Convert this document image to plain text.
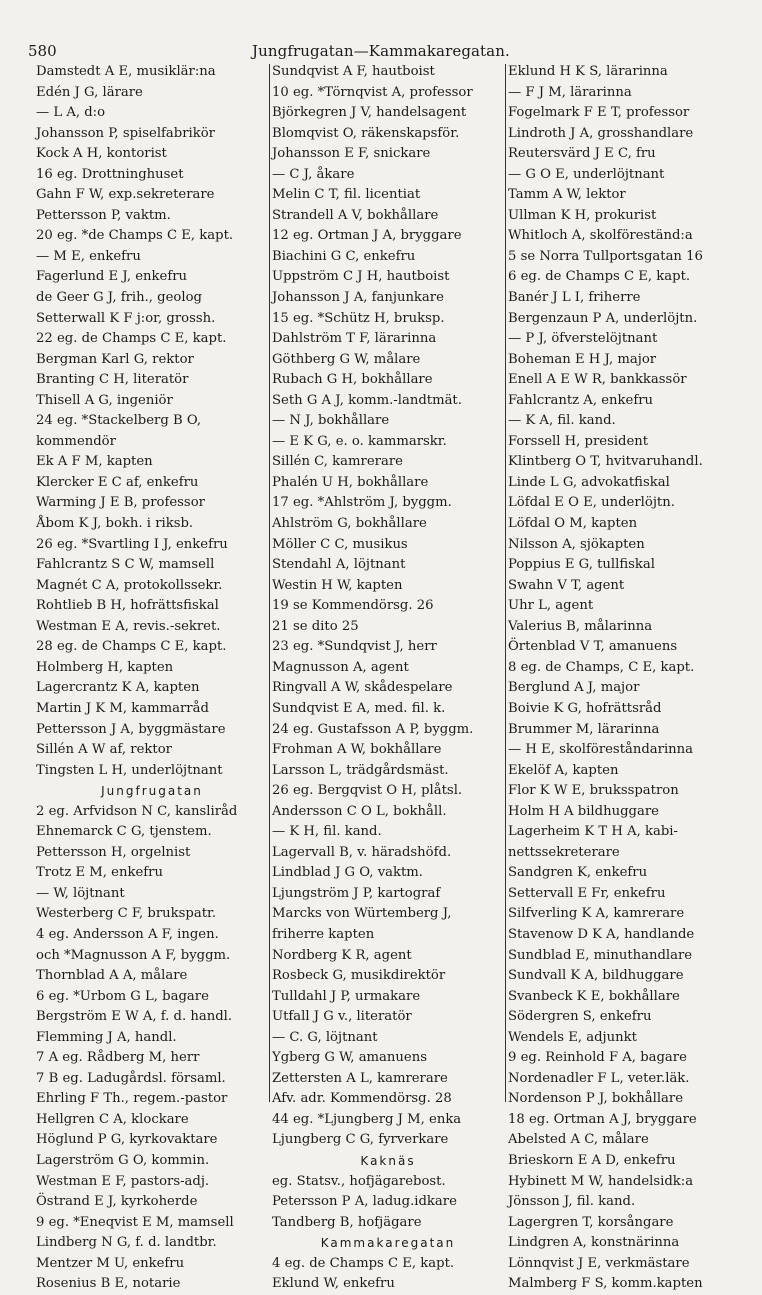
580	Jungfrugatan—Kammakaregatan.
Damstedt A E, musiklär:na
Edén J G, lärare
— L A, d:o
Johansson P, spiselfabrikör
Kock A H, kontorist
16 eg. Drottninghuset
Gahn F W, exp.sekreterare
Pettersson P, vaktm.
20 eg. *de Champs C E, kapt.
— M E, enkefru
Fagerlund E J, enkefru
de Geer G J, frih., geolog
Setterwall K F j:or, grossh.
22 eg. de Champs C E, kapt.
Bergman Karl G, rektor
Branting C H, literatör
Thisell A G, ingeniör
24 eg. *Stackelberg B O,
kommendör
Ek A F M, kapten
Klercker E C af, enkefru
Warming J E B, professor
Åbom K J, bokh. i riksb.
26 eg. *Svartling I J, enkefru
Fahlcrantz S C W, mamsell
Magnét C A, protokollssekr.
Rohtlieb B H, hofrättsfiskal
Westman E A, revis.-sekret.
28 eg. de Champs C E, kapt.
Holmberg H, kapten
Lagercrantz K A, kapten
Martin J K M, kammarråd
Pettersson J A, byggmästare
Sillén A W af, rektor
Tingsten L H, underlöjtnant
Jungfrugatan
2 eg. Arfvidson N C, kansliråd
Ehnemarck C G, tjenstem.
Pettersson H, orgelnist
Trotz E M, enkefru
— W, löjtnant
Westerberg C F, brukspatr.
4 eg. Andersson A F, ingen.
och *Magnusson A F, byggm.
Thornblad A A, målare
6 eg. *Urbom G L, bagare
Bergström E W A, f. d. handl.
Flemming J A, handl.
7 A eg. Rådberg M, herr
7 B eg. Ladugårdsl. församl.
Ehrling F Th., regem.-pastor
Hellgren C A, klockare
Höglund P G, kyrkovaktare
Lagerström G O, kommin.
Westman E F, pastors-adj.
Östrand E J, kyrkoherde
9 eg. *Eneqvist E M, mamsell
Lindberg N G, f. d. landtbr.
Mentzer M U, enkefru
Rosenius B E, notarie
Sundqvist A F, hautboist
10 eg. *Törnqvist A, professor
Björkegren J V, handelsagent
Blomqvist O, räkenskapsför.
Johansson E F, snickare
— C J, åkare
Melin C T, fil. licentiat
Strandell A V, bokhållare
12 eg. Ortman J A, bryggare
Biachini G C, enkefru
Uppström C J H, hautboist
Johansson J A, fanjunkare
15 eg. *Schütz H, bruksp.
Dahlström T F, lärarinna
Göthberg G W, målare
Rubach G H, bokhållare
Seth G A J, komm.-landtmät.
— N J, bokhållare
— E K G, e. o. kammarskr.
Sillén C, kamrerare
Phalén U H, bokhållare
17 eg. *Ahlström J, byggm.
Ahlström G, bokhållare
Möller C C, musikus
Stendahl A, löjtnant
Westin H W, kapten
19 se Kommendörsg. 26
21 se dito 25
23 eg. *Sundqvist J, herr
Magnusson A, agent
Ringvall A W, skådespelare
Sundqvist E A, med. fil. k.
24 eg. Gustafsson A P, byggm.
Frohman A W, bokhållare
Larsson L, trädgårdsmäst.
26 eg. Bergqvist O H, plåtsl.
Andersson C O L, bokhåll.
— K H, fil. kand.
Lagervall B, v. häradshöfd.
Lindblad J G O, vaktm.
Ljungström J P, kartograf
Marcks von Würtemberg J,
friherre kapten
Nordberg K R, agent
Rosbeck G, musikdirektör
Tulldahl J P, urmakare
Utfall J G v., literatör
— C. G, löjtnant
Ygberg G W, amanuens
Zettersten A L, kamrerare
Afv. adr. Kommendörsg. 28
44 eg. *Ljungberg J M, enka
Ljungberg C G, fyrverkare
Kaknäs
eg. Statsv., hofjägarebost.
Petersson P A, ladug.idkare
Tandberg B, hofjägare
Kammakaregatan
4 eg. de Champs C E, kapt.
Eklund W, enkefru
Eklund H K S, lärarinna
— F J M, lärarinna
Fogelmark F E T, professor
Lindroth J A, grosshandlare
Reutersvärd J E C, fru
— G O E, underlöjtnant
Tamm A W, lektor
Ullman K H, prokurist
Whitloch A, skolföreständ:a
5 se Norra Tullportsgatan 16
6 eg. de Champs C E, kapt.
Banér J L I, friherre
Bergenzaun P A, underlöjtn.
— P J, öfverstelöjtnant
Boheman E H J, major
Enell A E W R, bankkassör
Fahlcrantz A, enkefru
— K A, fil. kand.
Forssell H, president
Klintberg O T, hvitvaruhandl.
Linde L G, advokatfiskal
Löfdal E O E, underlöjtn.
Löfdal O M, kapten
Nilsson A, sjökapten
Poppius E G, tullfiskal
Swahn V T, agent
Uhr L, agent
Valerius B, målarinna
Örtenblad V T, amanuens
8 eg. de Champs, C E, kapt.
Berglund A J, major
Boivie K G, hofrättsråd
Brummer M, lärarinna
— H E, skolföreståndarinna
Ekelöf A, kapten
Flor K W E, bruksspatron
Holm H A bildhuggare
Lagerheim K T H A, kabi-
nettssekreterare
Sandgren K, enkefru
Settervall E Fr, enkefru
Silfverling K A, kamrerare
Stavenow D K A, handlande
Sundblad E, minuthandlare
Sundvall K A, bildhuggare
Svanbeck K E, bokhållare
Södergren S, enkefru
Wendels E, adjunkt
9 eg. Reinhold F A, bagare
Nordenadler F L, veter.läk.
Nordenson P J, bokhållare
18 eg. Ortman A J, bryggare
Abelsted A C, målare
Brieskorn E A D, enkefru
Hybinett M W, handelsidk:a
Jönsson J, fil. kand.
Lagergren T, korsångare
Lindgren A, konstnärinna
Lönnqvist J E, verkmästare
Malmberg F S, komm.kapten
